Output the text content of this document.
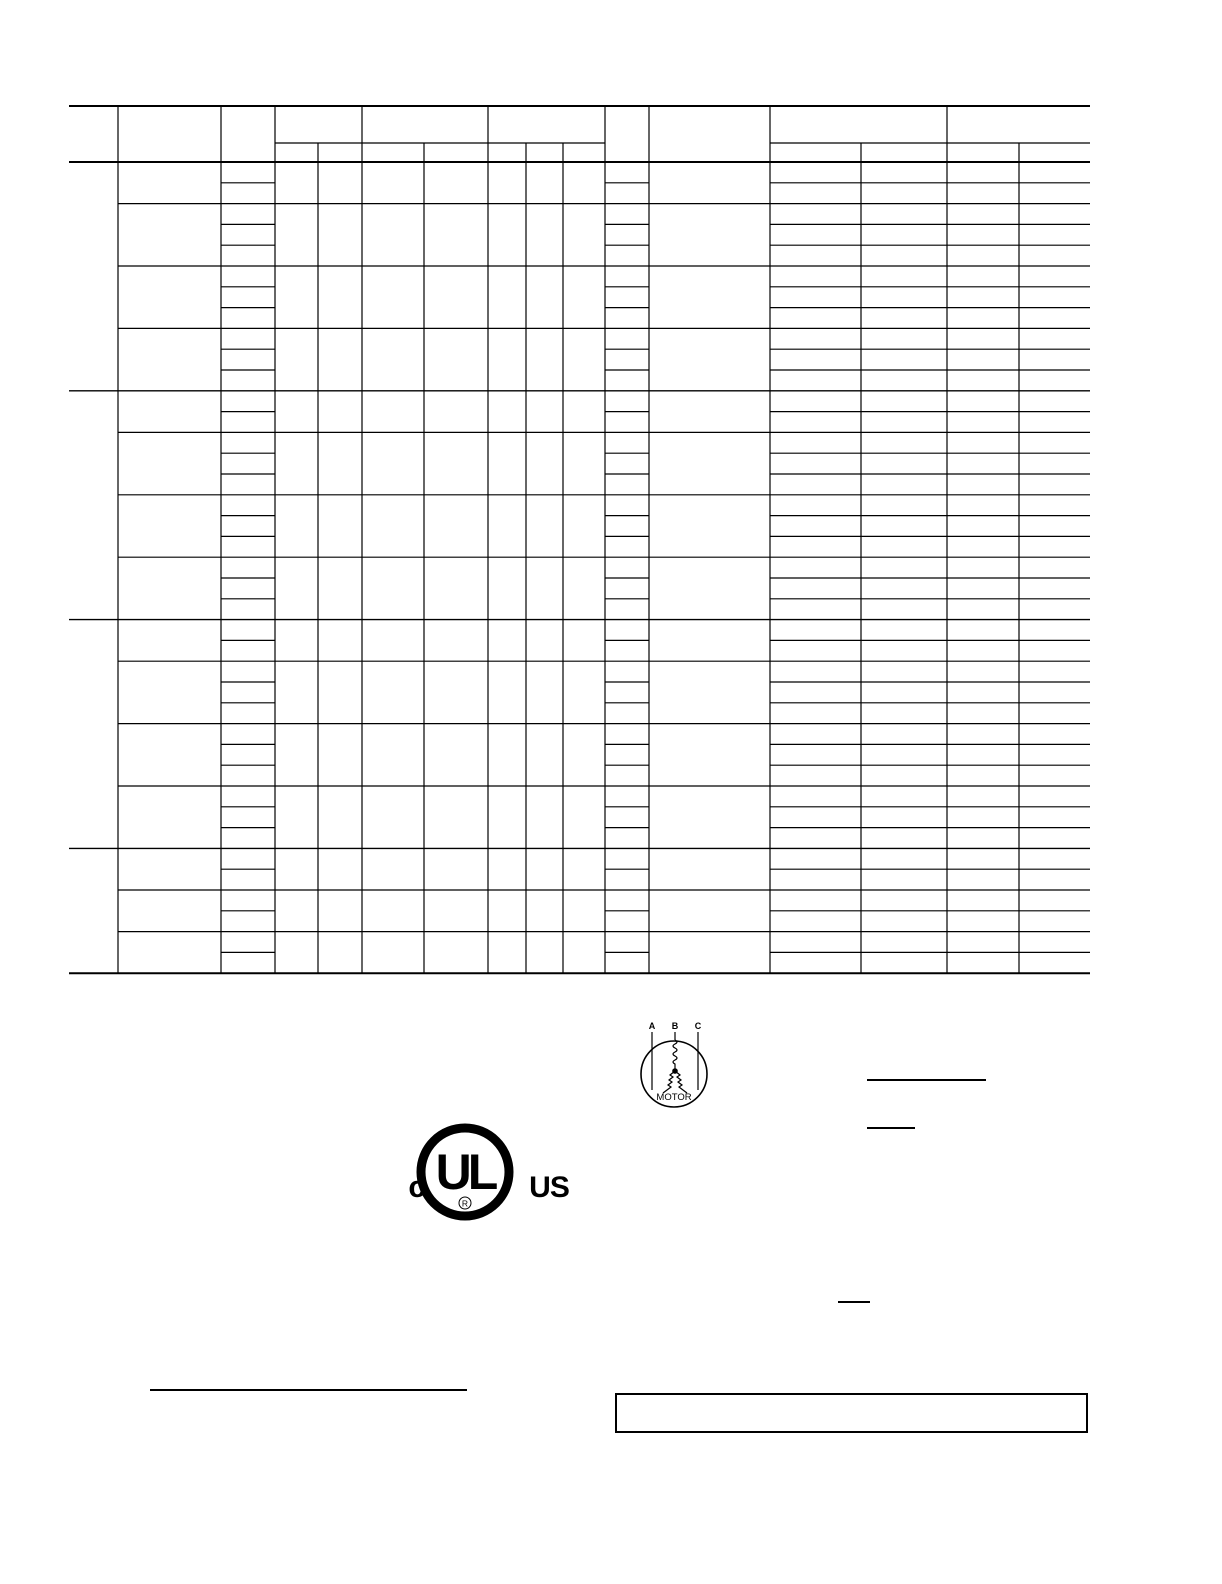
A B C
MOTOR
c UL
R US
